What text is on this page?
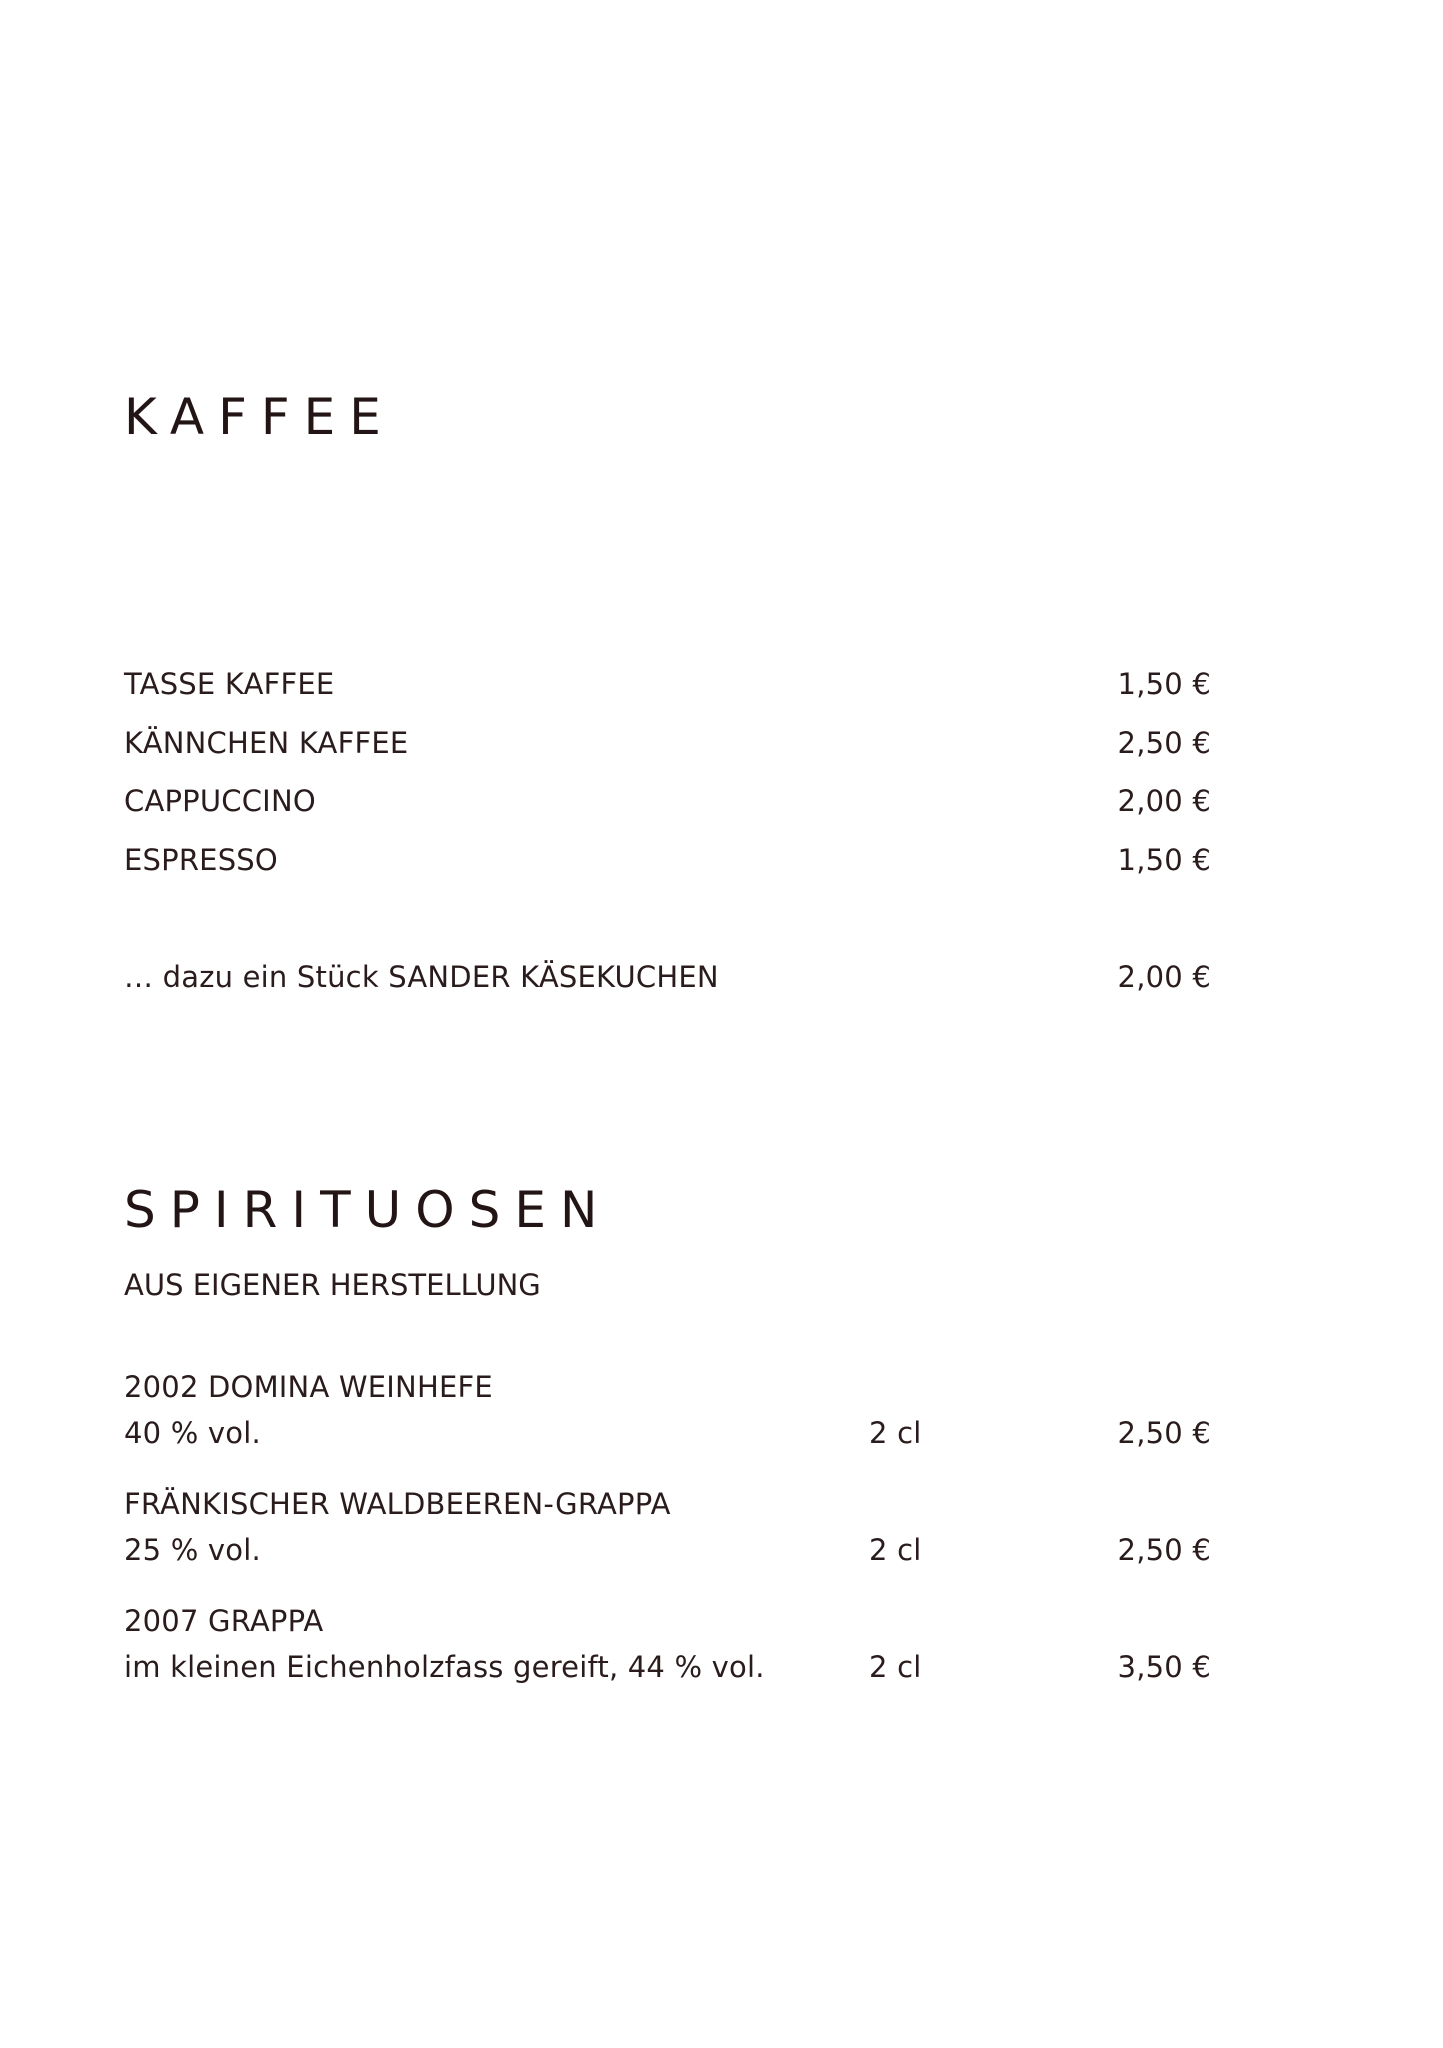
KAFFEE
TASSE KAFFEE	1,50 €
KÄNNCHEN KAFFEE	2,50 €
CAPPUCCINO	2,00 €
ESPRESSO	1,50 €
… dazu ein Stück SANDER KÄSEKUCHEN	2,00 €
SPIRITUOSEN
AUS EIGENER HERSTELLUNG
2002 DOMINA WEINHEFE
40 % vol.	2 cl	2,50 €
FRÄNKISCHER WALDBEEREN-GRAPPA
25 % vol.	2 cl	2,50 €
2007 GRAPPA
im kleinen Eichenholzfass gereift, 44 % vol.	2 cl	3,50 €
